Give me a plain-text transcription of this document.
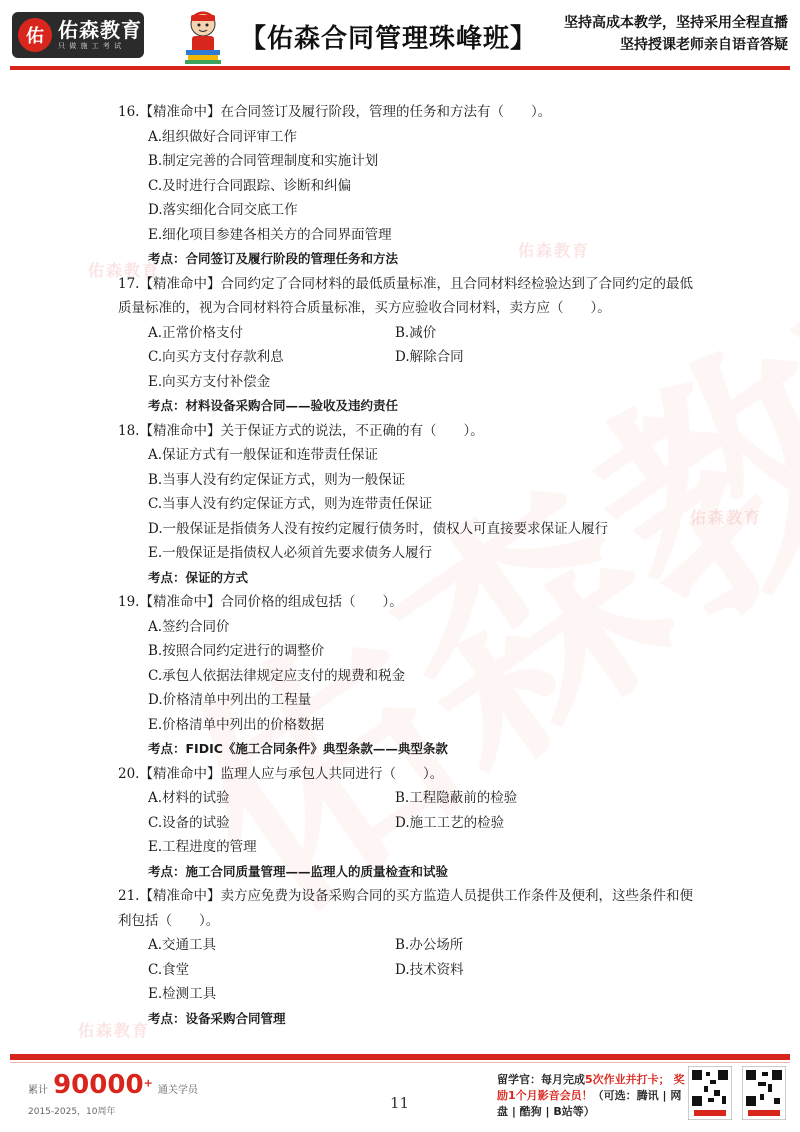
佑 佑森教育
只 做 施 工 考 试	【佑森合同管理珠峰班】
坚持高成本教学，坚持采用全程直播
坚持授课老师亲自语音答疑
佑森教育
佑森教育
佑森教育
佑森教育
16.【精准命中】在合同签订及履行阶段，管理的任务和方法有（　　）。
A.组织做好合同评审工作
B.制定完善的合同管理制度和实施计划
C.及时进行合同跟踪、诊断和纠偏
D.落实细化合同交底工作
E.细化项目参建各相关方的合同界面管理
考点：合同签订及履行阶段的管理任务和方法
17.【精准命中】合同约定了合同材料的最低质量标准，且合同材料经检验达到了合同约定的最低质量标准的，视为合同材料符合质量标准，买方应验收合同材料，卖方应（　　）。
A.正常价格支付	B.减价
C.向买方支付存款利息	D.解除合同
E.向买方支付补偿金
考点：材料设备采购合同——验收及违约责任
18.【精准命中】关于保证方式的说法，不正确的有（　　）。
A.保证方式有一般保证和连带责任保证
B.当事人没有约定保证方式，则为一般保证
C.当事人没有约定保证方式，则为连带责任保证
D.一般保证是指债务人没有按约定履行债务时，债权人可直接要求保证人履行
E.一般保证是指债权人必须首先要求债务人履行
考点：保证的方式
19.【精准命中】合同价格的组成包括（　　）。
A.签约合同价
B.按照合同约定进行的调整价
C.承包人依据法律规定应支付的规费和税金
D.价格清单中列出的工程量
E.价格清单中列出的价格数据
考点：FIDIC《施工合同条件》典型条款——典型条款
20.【精准命中】监理人应与承包人共同进行（　　）。
A.材料的试验	B.工程隐蔽前的检验
C.设备的试验	D.施工工艺的检验
E.工程进度的管理
考点：施工合同质量管理——监理人的质量检查和试验
21.【精准命中】卖方应免费为设备采购合同的买方监造人员提供工作条件及便利，这些条件和便利包括（　　）。
A.交通工具	B.办公场所
C.食堂	D.技术资料
E.检测工具
考点：设备采购合同管理
累计 90000+ 通关学员
2015-2025，10周年	11
留学官：每月完成5次作业并打卡； 奖励1个月影音会员！（可选：腾讯 | 网盘 | 酷狗 | B站等）
